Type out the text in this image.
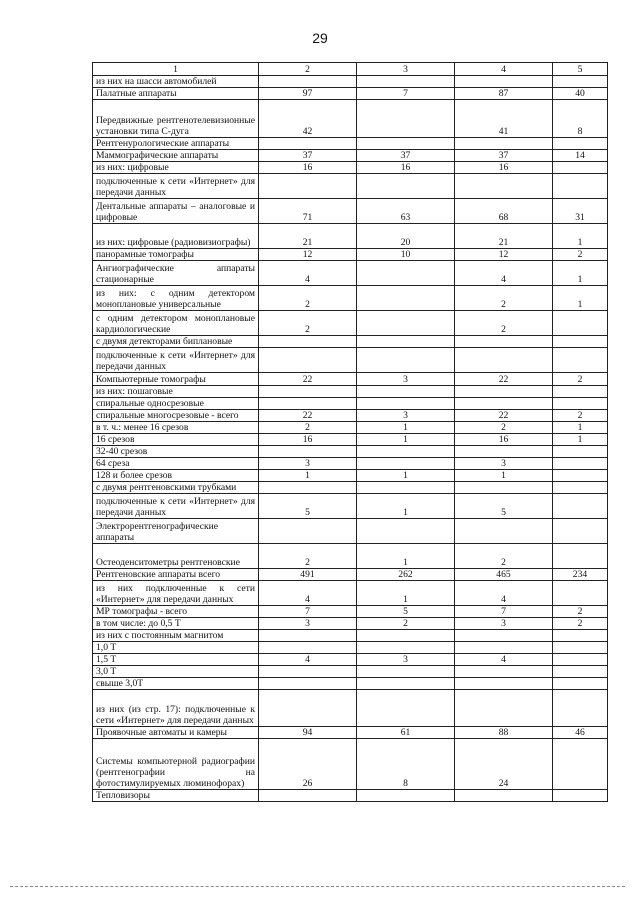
29
1	2	3	4	5
из них на шасси автомобилей				
Палатные аппараты	97	7	87	40
Передвижные рентгенотелевизионные установки типа С-дуга	42		41	8
Рентгенурологические аппараты				
Маммографические аппараты	37	37	37	14
из них: цифровые	16	16	16	
подключенные к сети «Интернет» для передачи данных				
Дентальные аппараты – аналоговые и цифровые	71	63	68	31
из них: цифровые (радиовизиографы)	21	20	21	1
панорамные томографы	12	10	12	2
Ангиографические аппараты стационарные	4		4	1
из них: с одним детектором моноплановые универсальные	2		2	1
с одним детектором моноплановые кардиологические	2		2	
с двумя детекторами биплановые				
подключенные к сети «Интернет» для передачи данных				
Компьютерные томографы	22	3	22	2
из них: пошаговые				
спиральные односрезовые				
спиральные многосрезовые - всего	22	3	22	2
в т. ч.: менее 16 срезов	2	1	2	1
16 срезов	16	1	16	1
32-40 срезов				
64 среза	3		3	
128 и более срезов	1	1	1	
с двумя рентгеновскими трубками				
подключенные к сети «Интернет» для передачи данных	5	1	5	
Электрорентгенографические аппараты				
Остеоденситометры рентгеновские	2	1	2	
Рентгеновские аппараты всего	491	262	465	234
из них подключенные к сети «Интернет» для передачи данных	4	1	4	
МР томографы - всего	7	5	7	2
в том числе: до 0,5 Т	3	2	3	2
из них с постоянным магнитом				
1,0 Т				
1,5 Т	4	3	4	
3,0 Т				
свыше 3,0Т				
из них (из стр. 17): подключенные к сети «Интернет» для передачи данных				
Проявочные автоматы и камеры	94	61	88	46
Системы компьютерной радиографии (рентгенографии на фотостимулируемых люминофорах)	26	8	24	
Тепловизоры				
